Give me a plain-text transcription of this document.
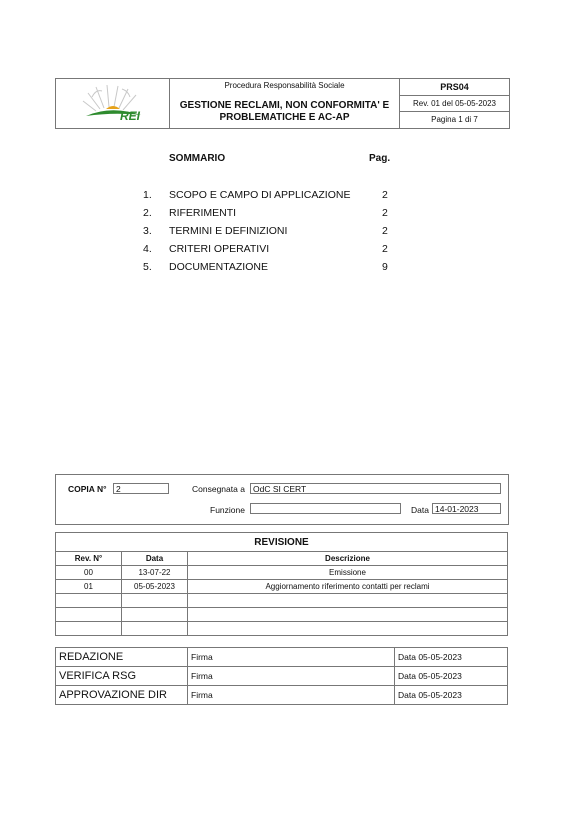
REI
Procedura Responsabilità Sociale
GESTIONE RECLAMI, NON CONFORMITA' E PROBLEMATICHE E AC-AP
PRS04
Rev. 01 del 05-05-2023
Pagina 1 di 7
SOMMARIO	Pag.
1. SCOPO E CAMPO DI APPLICAZIONE	2
2. RIFERIMENTI	2
3. TERMINI E DEFINIZIONI	2
4. CRITERI OPERATIVI	2
5. DOCUMENTAZIONE	9
COPIA N°	2	Consegnata a OdC SI CERT
Funzione	Data 14-01-2023
REVISIONE		
Rev. N°	Data	Descrizione
00	13-07-22	Emissione
01	05-05-2023	Aggiornamento riferimento contatti per reclami

REDAZIONE	Firma	Data 05-05-2023
VERIFICA RSG	Firma	Data 05-05-2023
APPROVAZIONE DIR	Firma	Data 05-05-2023
